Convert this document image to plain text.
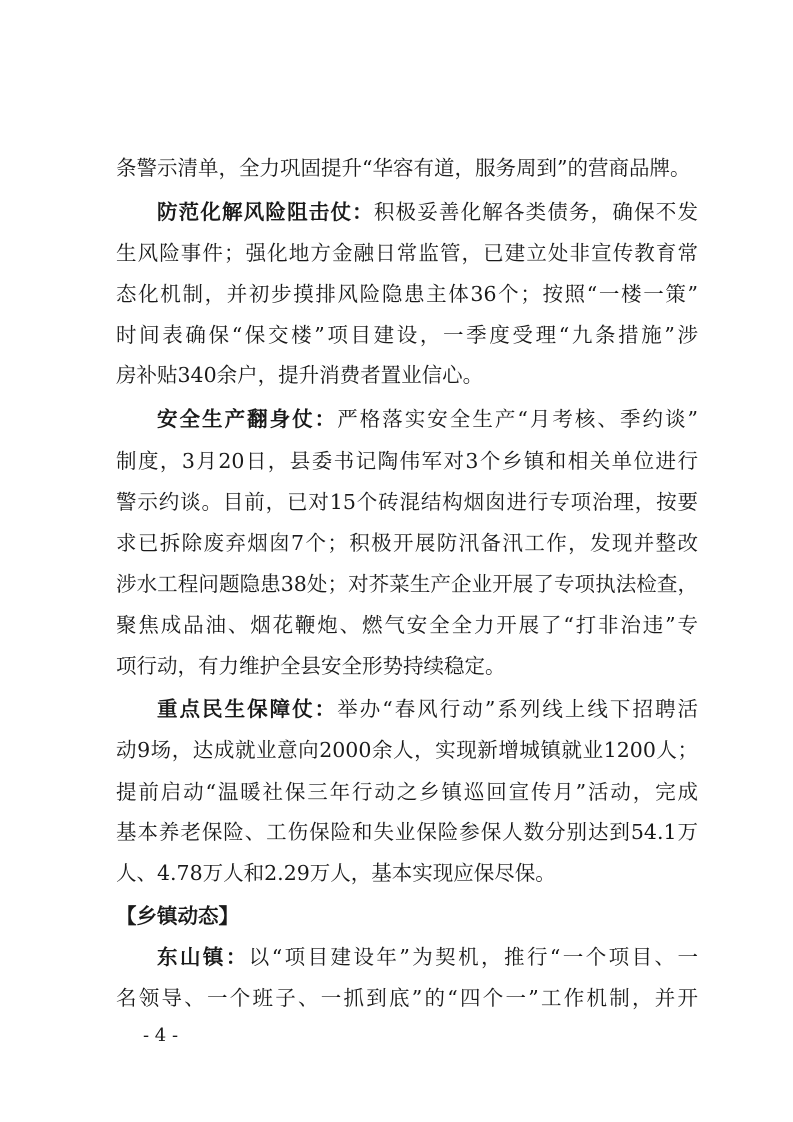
条警示清单，全力巩固提升“华容有道，服务周到”的营商品牌。
防范化解风险阻击仗：积极妥善化解各类债务，确保不发
生风险事件；强化地方金融日常监管，已建立处非宣传教育常
态化机制，并初步摸排风险隐患主体36个；按照“一楼一策”
时间表确保“保交楼”项目建设，一季度受理“九条措施”涉
房补贴340余户，提升消费者置业信心。
安全生产翻身仗：严格落实安全生产“月考核、季约谈”
制度，3月20日，县委书记陶伟军对3个乡镇和相关单位进行
警示约谈。目前，已对15个砖混结构烟囱进行专项治理，按要
求已拆除废弃烟囱7个；积极开展防汛备汛工作，发现并整改
涉水工程问题隐患38处；对芥菜生产企业开展了专项执法检查，
聚焦成品油、烟花鞭炮、燃气安全全力开展了“打非治违”专
项行动，有力维护全县安全形势持续稳定。
重点民生保障仗：举办“春风行动”系列线上线下招聘活
动9场，达成就业意向2000余人，实现新增城镇就业1200人；
提前启动“温暖社保三年行动之乡镇巡回宣传月”活动，完成
基本养老保险、工伤保险和失业保险参保人数分别达到54.1万
人、4.78万人和2.29万人，基本实现应保尽保。
【乡镇动态】
东山镇：以“项目建设年”为契机，推行“一个项目、一
名领导、一个班子、一抓到底”的“四个一”工作机制，并开
- 4 -
